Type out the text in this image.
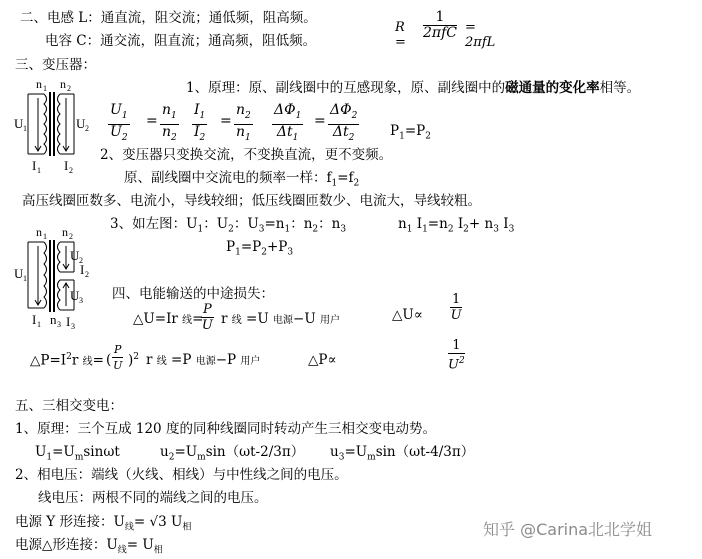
二、电感 L：通直流，阻交流；通低频，阻高频。
电容 C：通交流，阻直流；通高频，阻低频。
R =
1
2πfC = 2πfL
三、变压器：
n 1 n 2
U 1	U 2
I 1 I 2
1、原理：原、副线圈中的互感现象，原、副线圈中的磁通量的变化率相等。
$\frac{U_1}{U_2} = \frac{n_1}{n_2} \frac{I_1}{I_2} = \frac{n_2}{n_1} \frac{\Delta\Phi_1}{\Delta t_1} = \frac{\Delta\Phi_2}{\Delta t_2} P_1=P_2$
2、变压器只变换交流，不变换直流，更不变频。
原、副线圈中交流电的频率一样：$f_1=f_2$
高压线圈匝数多、电流小，导线较细；低压线圈匝数少、电流大，导线较粗。
n 1 n 2
U 1
U 2
I 2
U 3
I 1 n 3 I 3
3、如左图：$U_1$：$U_2$：$U_3=n_1$：$n_2$：$n_3$	$n_1$ $I_1=n_2$ $I_2+ n_3$ $I_3$
$P_1=P_2+P_3$
四、电能输送的中途损失：
△U=Ir 线=
$\frac{P}{U}$ r 线 =U 电源−U 用户	△U∝ $\frac{1}{U}$
$\triangle P=I^2r$ 线= ( $\frac{P}{U} )^2$ r 线 =P 电源−P 用户	△P∝	$\frac{1}{U^2}$
五、三相交变电：
1、原理：三个互成 120 度的同种线圈同时转动产生三相交变电动势。
$U_1=U_m\sin\omega t$	$u_2=U_m\sin(\omega t-2/3\pi)$ $u_3=U_m\sin(\omega t-4/3\pi)$
2、相电压：端线（火线、相线）与中性线之间的电压。
线电压：两根不同的端线之间的电压。
电源 Y 形连接：$U_线= √3$ $U_相$
电源△形连接：$U_线= U_相$
知乎 @Carina北北学姐
